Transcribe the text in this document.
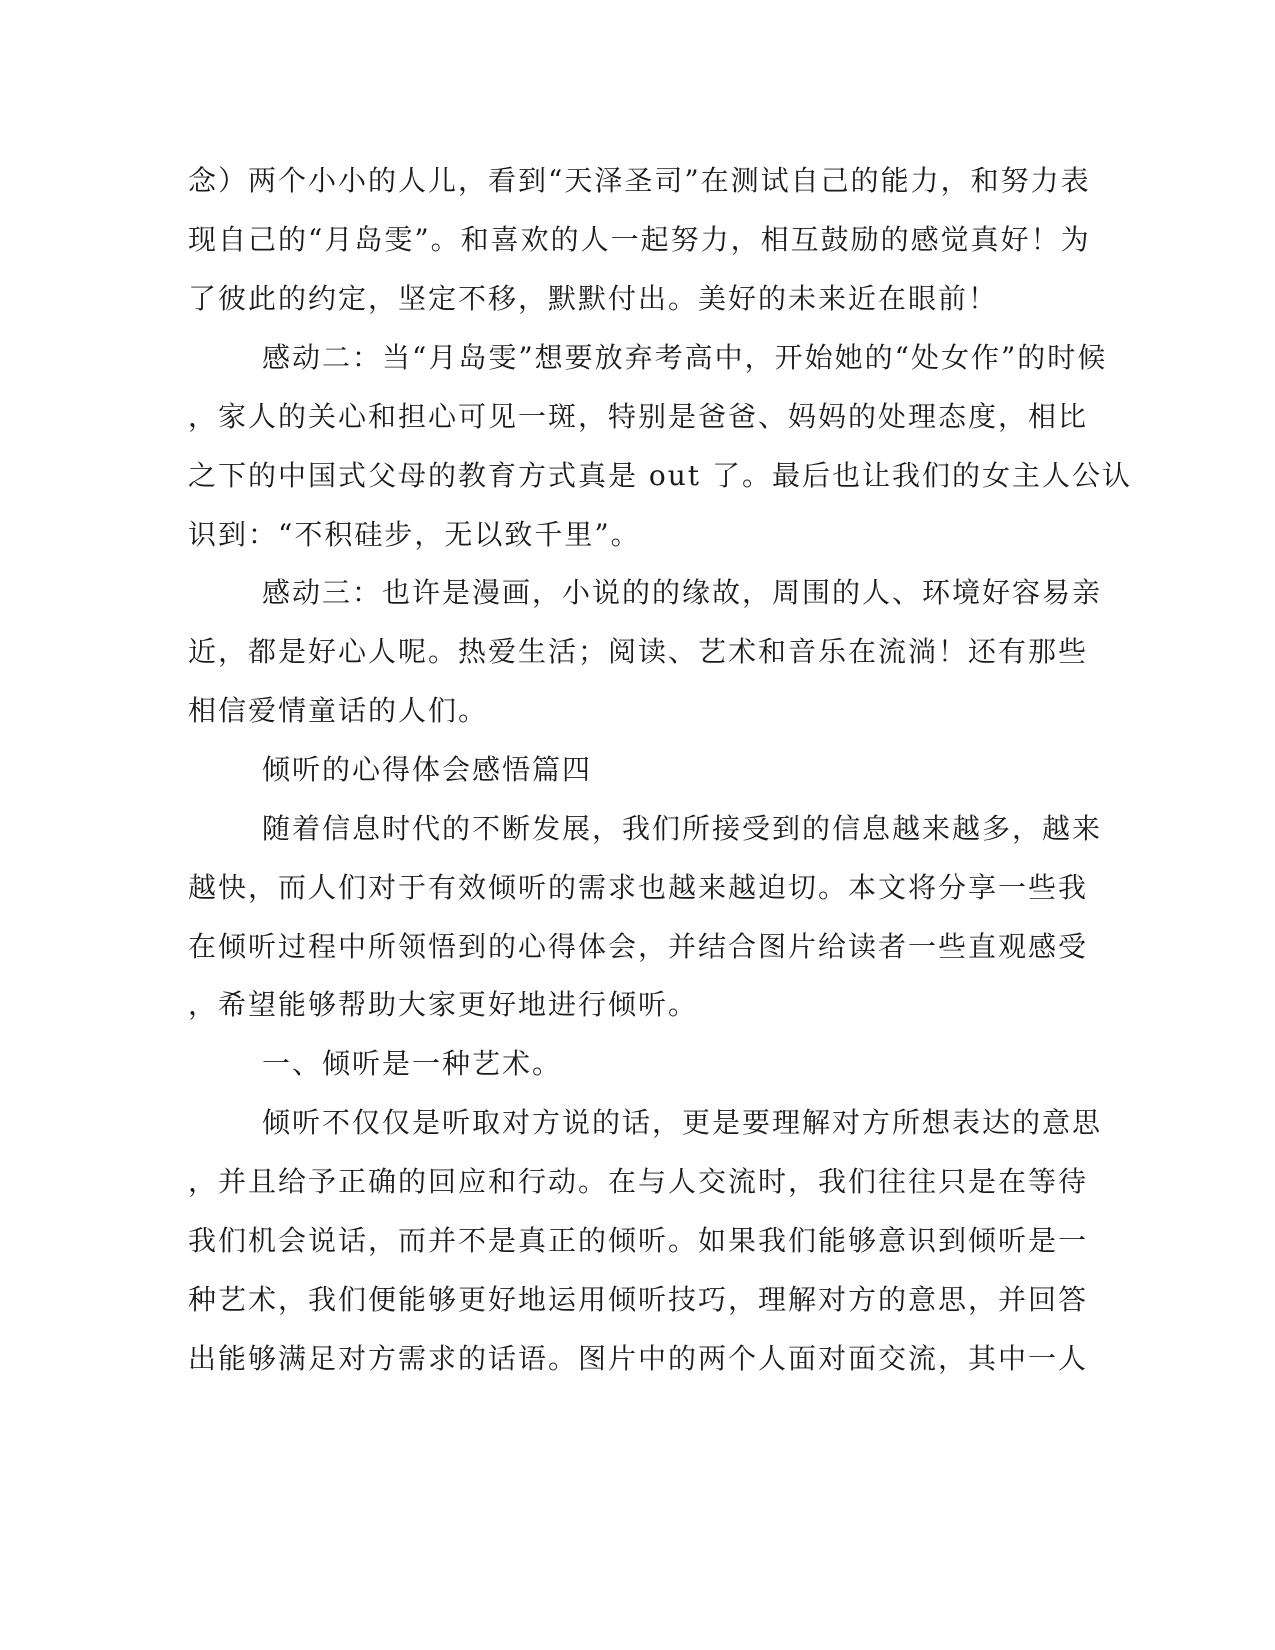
念）两个小小的人儿，看到“天泽圣司”在测试自己的能力，和努力表
现自己的“月岛雯”。和喜欢的人一起努力，相互鼓励的感觉真好！为
了彼此的约定，坚定不移，默默付出。美好的未来近在眼前！
感动二：当“月岛雯”想要放弃考高中，开始她的“处女作”的时候
，家人的关心和担心可见一斑，特别是爸爸、妈妈的处理态度，相比
之下的中国式父母的教育方式真是 out 了。最后也让我们的女主人公认
识到：“不积硅步，无以致千里”。
感动三：也许是漫画，小说的的缘故，周围的人、环境好容易亲
近，都是好心人呢。热爱生活；阅读、艺术和音乐在流淌！还有那些
相信爱情童话的人们。
倾听的心得体会感悟篇四
随着信息时代的不断发展，我们所接受到的信息越来越多，越来
越快，而人们对于有效倾听的需求也越来越迫切。本文将分享一些我
在倾听过程中所领悟到的心得体会，并结合图片给读者一些直观感受
，希望能够帮助大家更好地进行倾听。
一、倾听是一种艺术。
倾听不仅仅是听取对方说的话，更是要理解对方所想表达的意思
，并且给予正确的回应和行动。在与人交流时，我们往往只是在等待
我们机会说话，而并不是真正的倾听。如果我们能够意识到倾听是一
种艺术，我们便能够更好地运用倾听技巧，理解对方的意思，并回答
出能够满足对方需求的话语。图片中的两个人面对面交流，其中一人
